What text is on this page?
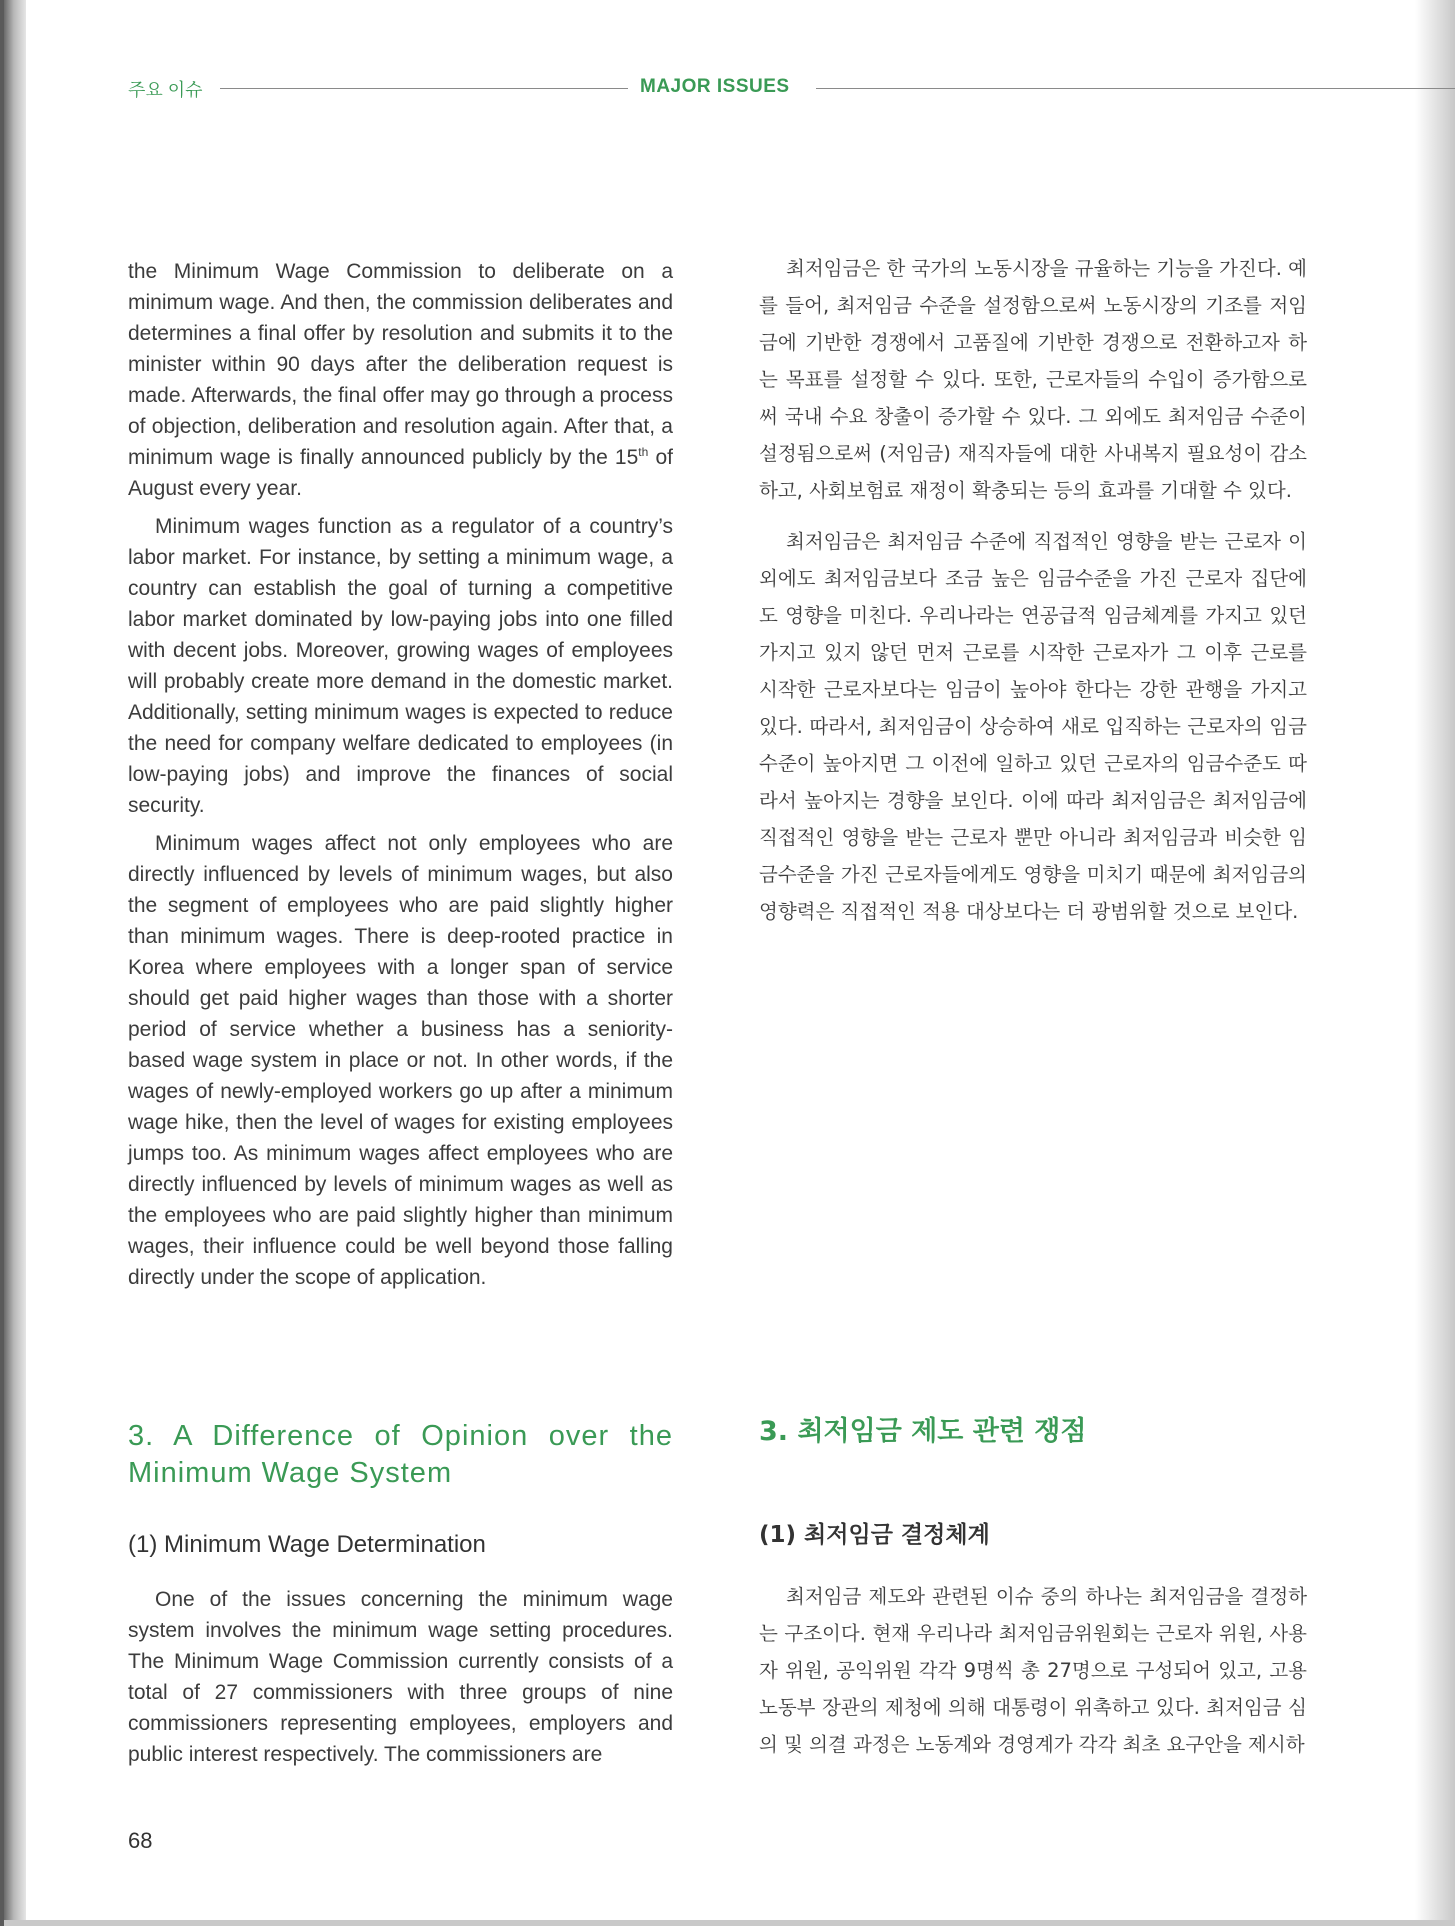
주요 이슈	MAJOR ISSUES

the Minimum Wage Commission to deliberate on a minimum wage. And then, the commission deliberates and determines a final offer by resolution and submits it to the minister within 90 days after the deliberation request is made. Afterwards, the final offer may go through a process of objection, deliberation and resolution again. After that, a minimum wage is finally announced publicly by the 15th of August every year.

Minimum wages function as a regulator of a country’s labor market. For instance, by setting a minimum wage, a country can establish the goal of turning a competitive labor market dominated by low-paying jobs into one filled with decent jobs. Moreover, growing wages of employees will probably create more demand in the domestic market. Additionally, setting minimum wages is expected to reduce the need for company welfare dedicated to employees (in low-paying jobs) and improve the finances of social security.

Minimum wages affect not only employees who are directly influenced by levels of minimum wages, but also the segment of employees who are paid slightly higher than minimum wages. There is deep-rooted practice in Korea where employees with a longer span of service should get paid higher wages than those with a shorter period of service whether a business has a seniority-based wage system in place or not. In other words, if the wages of newly-employed workers go up after a minimum wage hike, then the level of wages for existing employees jumps too. As minimum wages affect employees who are directly influenced by levels of minimum wages as well as the employees who are paid slightly higher than minimum wages, their influence could be well beyond those falling directly under the scope of application.

최저임금은 한 국가의 노동시장을 규율하는 기능을 가진다. 예를 들어, 최저임금 수준을 설정함으로써 노동시장의 기조를 저임금에 기반한 경쟁에서 고품질에 기반한 경쟁으로 전환하고자 하는 목표를 설정할 수 있다. 또한, 근로자들의 수입이 증가함으로써 국내 수요 창출이 증가할 수 있다. 그 외에도 최저임금 수준이 설정됨으로써 (저임금) 재직자들에 대한 사내복지 필요성이 감소하고, 사회보험료 재정이 확충되는 등의 효과를 기대할 수 있다.

최저임금은 최저임금 수준에 직접적인 영향을 받는 근로자 이외에도 최저임금보다 조금 높은 임금수준을 가진 근로자 집단에도 영향을 미친다. 우리나라는 연공급적 임금체계를 가지고 있던 가지고 있지 않던 먼저 근로를 시작한 근로자가 그 이후 근로를 시작한 근로자보다는 임금이 높아야 한다는 강한 관행을 가지고 있다. 따라서, 최저임금이 상승하여 새로 입직하는 근로자의 임금수준이 높아지면 그 이전에 일하고 있던 근로자의 임금수준도 따라서 높아지는 경향을 보인다. 이에 따라 최저임금은 최저임금에 직접적인 영향을 받는 근로자 뿐만 아니라 최저임금과 비슷한 임금수준을 가진 근로자들에게도 영향을 미치기 때문에 최저임금의 영향력은 직접적인 적용 대상보다는 더 광범위할 것으로 보인다.

3. A Difference of Opinion over the Minimum Wage System
3. 최저임금 제도 관련 쟁점
(1) Minimum Wage Determination	(1) 최저임금 결정체계

One of the issues concerning the minimum wage system involves the minimum wage setting procedures. The Minimum Wage Commission currently consists of a total of 27 commissioners with three groups of nine commissioners representing employees, employers and public interest respectively. The commissioners are

최저임금 제도와 관련된 이슈 중의 하나는 최저임금을 결정하는 구조이다. 현재 우리나라 최저임금위원회는 근로자 위원, 사용자 위원, 공익위원 각각 9명씩 총 27명으로 구성되어 있고, 고용노동부 장관의 제청에 의해 대통령이 위촉하고 있다. 최저임금 심의 및 의결 과정은 노동계와 경영계가 각각 최초 요구안을 제시하

68
